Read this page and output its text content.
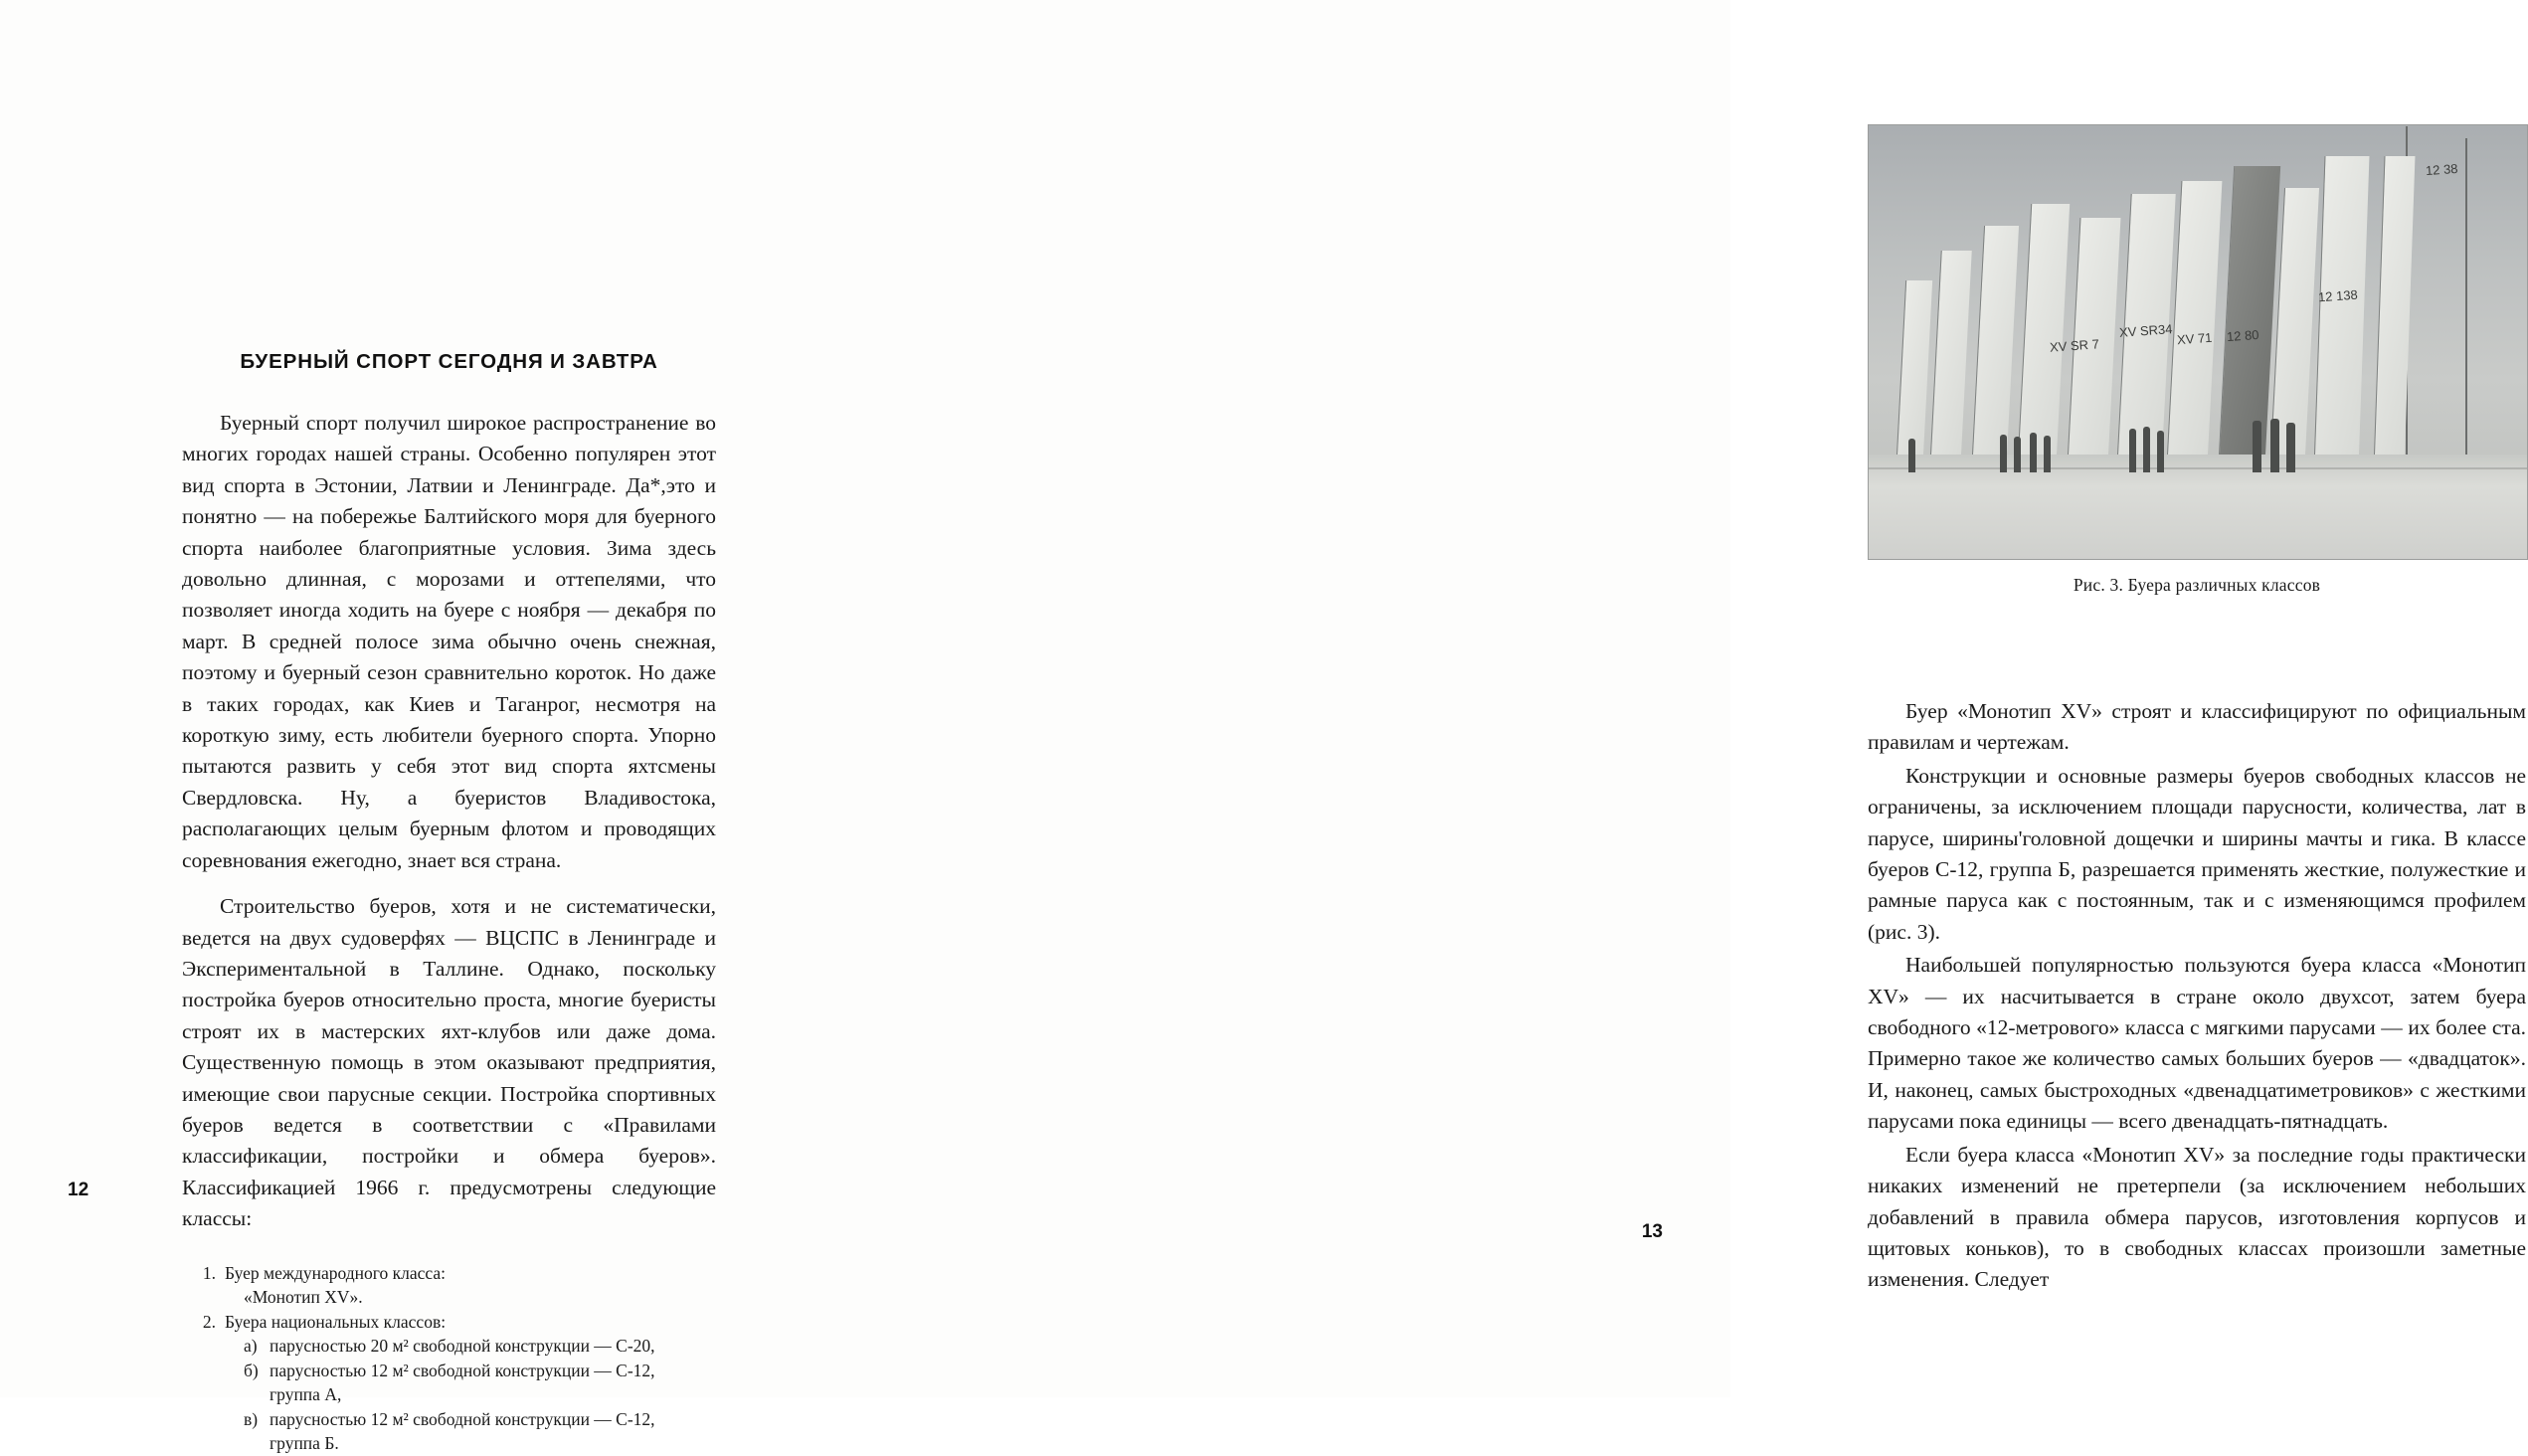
БУЕРНЫЙ СПОРТ СЕГОДНЯ И ЗАВТРА

Буерный спорт получил широкое распространение во многих городах нашей страны. Особенно популярен этот вид спорта в Эстонии, Латвии и Ленинграде. Да*,это и понятно — на побережье Балтийского моря для буерного спорта наиболее благоприятные условия. Зима здесь довольно длинная, с морозами и оттепелями, что позволяет иногда ходить на буере с ноября — декабря по март. В средней полосе зима обычно очень снежная, поэтому и буерный сезон сравнительно короток. Но даже в таких городах, как Киев и Таганрог, несмотря на короткую зиму, есть любители буерного спорта. Упорно пытаются развить у себя этот вид спорта яхтсмены Свердловска. Ну, а буеристов Владивостока, располагающих целым буерным флотом и проводящих соревнования ежегодно, знает вся страна.

Строительство буеров, хотя и не систематически, ведется на двух судоверфях — ВЦСПС в Ленинграде и Экспериментальной в Таллине. Однако, поскольку постройка буеров относительно проста, многие буеристы строят их в мастерских яхт-клубов или даже дома. Существенную помощь в этом оказывают предприятия, имеющие свои парусные секции. Постройка спортивных буеров ведется в соответствии с «Правилами классификации, постройки и обмера буеров». Классификацией 1966 г. предусмотрены следующие классы:

1. Буер международного класса:
«Монотип XV».
2. Буера национальных классов:
а) парусностью 20 м² свободной конструкции — С-20,
б) парусностью 12 м² свободной конструкции — С-12,
группа А,
в) парусностью 12 м² свободной конструкции — С-12,
группа Б.
12
12 38
12 138
XV SR34 XV 71 12 80
XV SR 7
Рис. 3. Буера различных классов

Буер «Монотип XV» строят и классифицируют по официальным правилам и чертежам.

Конструкции и основные размеры буеров свободных классов не ограничены, за исключением площади парусности, количества, лат в парусе, ширины'головной дощечки и ширины мачты и гика. В классе буеров С-12, группа Б, разрешается применять жесткие, полужесткие и рамные паруса как с постоянным, так и с изменяющимся профилем (рис. 3).

Наибольшей популярностью пользуются буера класса «Монотип XV» — их насчитывается в стране около двухсот, затем буера свободного «12-метрового» класса с мягкими парусами — их более ста. Примерно такое же количество самых больших буеров — «двадцаток». И, наконец, самых быстроходных «двенадцатиметровиков» с жесткими парусами пока единицы — всего двенадцать-пятнадцать.

Если буера класса «Монотип XV» за последние годы практически никаких изменений не претерпели (за исключением небольших добавлений в правила обмера парусов, изготовления корпусов и щитовых коньков), то в свободных классах произошли заметные изменения. Следует

13
